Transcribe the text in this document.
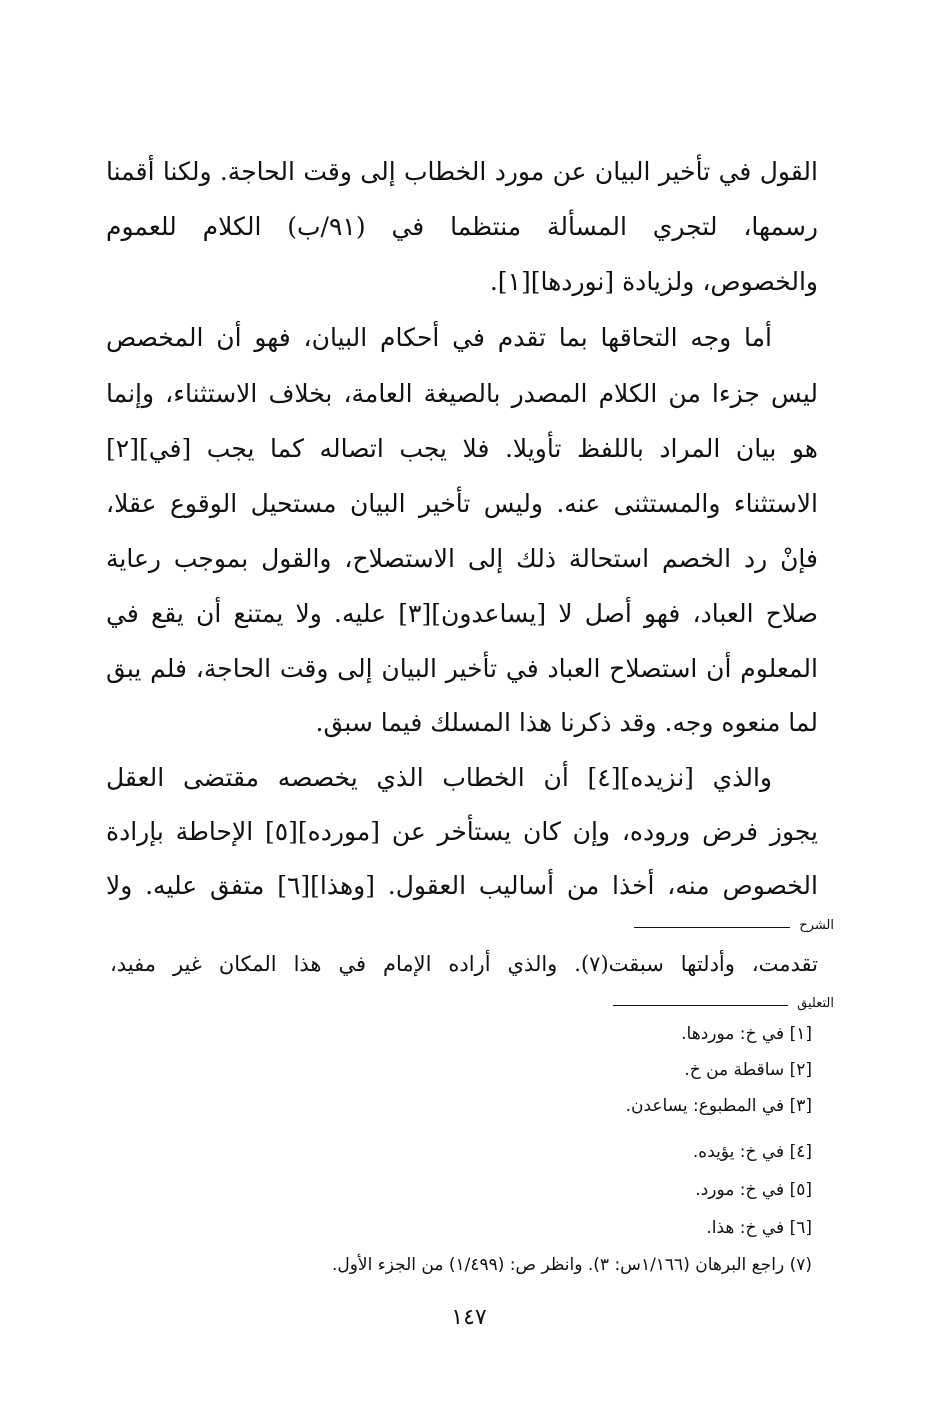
القول في تأخير البيان عن مورد الخطاب إلى وقت الحاجة. ولكنا أقمنا
رسمها، لتجري المسألة منتظما في (٩١/ب) الكلام للعموم
والخصوص، ولزيادة [نوردها][١].
أما وجه التحاقها بما تقدم في أحكام البيان، فهو أن المخصص
ليس جزءا من الكلام المصدر بالصيغة العامة، بخلاف الاستثناء، وإنما
هو بيان المراد باللفظ تأويلا. فلا يجب اتصاله كما يجب [في][٢]
الاستثناء والمستثنى عنه. وليس تأخير البيان مستحيل الوقوع عقلا،
فإنْ رد الخصم استحالة ذلك إلى الاستصلاح، والقول بموجب رعاية
صلاح العباد، فهو أصل لا [يساعدون][٣] عليه. ولا يمتنع أن يقع في
المعلوم أن استصلاح العباد في تأخير البيان إلى وقت الحاجة، فلم يبق
لما منعوه وجه. وقد ذكرنا هذا المسلك فيما سبق.
والذي [نزيده][٤] أن الخطاب الذي يخصصه مقتضى العقل
يجوز فرض وروده، وإن كان يستأخر عن [مورده][٥] الإحاطة بإرادة
الخصوص منه، أخذا من أساليب العقول. [وهذا][٦] متفق عليه. ولا
الشرح
تقدمت، وأدلتها سبقت(٧). والذي أراده الإمام في هذا المكان غير مفيد،
التعليق
[١] في خ: موردها.
[٢] ساقطة من خ.
[٣] في المطبوع: يساعدن.
[٤] في خ: يؤيده.
[٥] في خ: مورد.
[٦] في خ: هذا.
(٧) راجع البرهان (١/١٦٦س: ٣). وانظر ص: (١/٤٩٩) من الجزء الأول.
١٤٧
